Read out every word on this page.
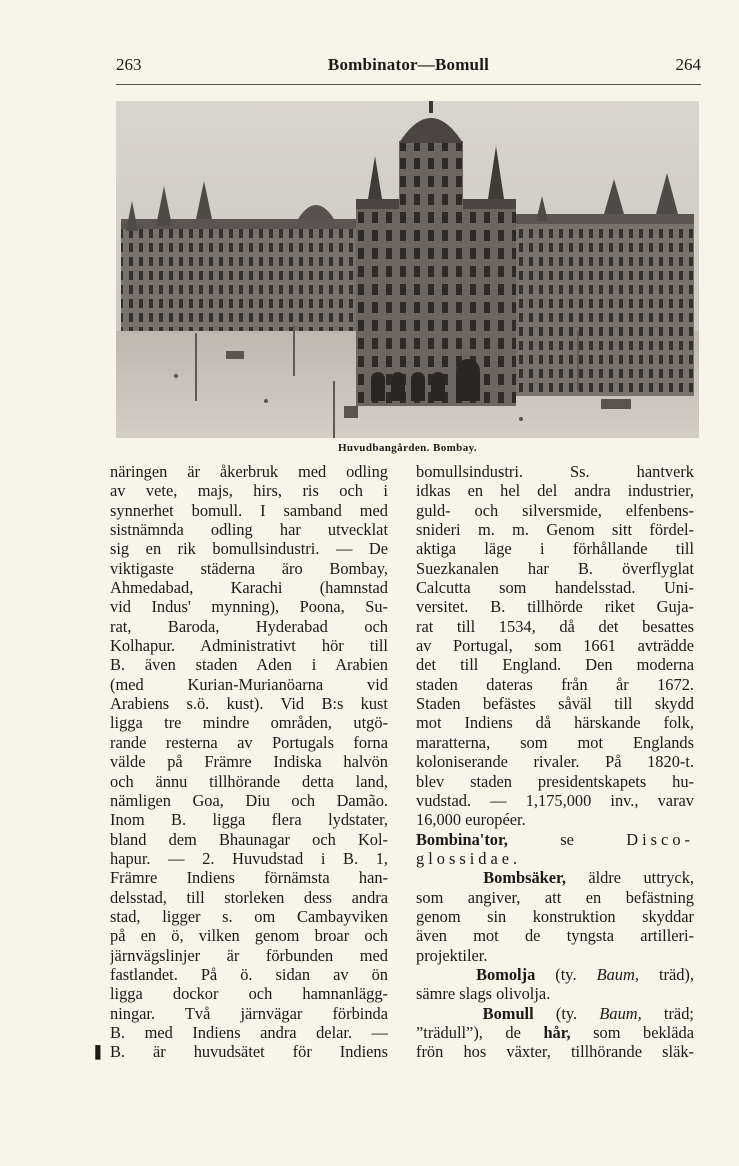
263	Bombinator—Bomull	264
Huvudbangården. Bombay.
näringen är åkerbruk med odling
av vete, majs, hirs, ris och i
synnerhet bomull. I samband med
sistnämnda odling har utvecklat
sig en rik bomullsindustri. — De
viktigaste städerna äro Bombay,
Ahmedabad, Karachi (hamnstad
vid Indus' mynning), Poona, Su-
rat, Baroda, Hyderabad och
Kolhapur. Administrativt hör till
B. även staden Aden i Arabien
(med Kurian-Murianöarna vid
Arabiens s.ö. kust). Vid B:s kust
ligga tre mindre områden, utgö-
rande resterna av Portugals forna
välde på Främre Indiska halvön
och ännu tillhörande detta land,
nämligen Goa, Diu och Damão.
Inom B. ligga flera lydstater,
bland dem Bhaunagar och Kol-
hapur. — 2. Huvudstad i B. 1,
Främre Indiens förnämsta han-
delsstad, till storleken dess andra
stad, ligger s. om Cambayviken
på en ö, vilken genom broar och
järnvägslinjer är förbunden med
fastlandet. På ö. sidan av ön
ligga dockor och hamnanlägg-
ningar. Två järnvägar förbinda
B. med Indiens andra delar. —
B. är huvudsätet för Indiens
bomullsindustri. Ss. hantverk
idkas en hel del andra industrier,
guld- och silversmide, elfenbens-
sniderі m. m. Genom sitt fördel-
aktiga läge i förhållande till
Suezkanalen har B. överflyglat
Calcutta som handelsstad. Uni-
versitet. B. tillhörde riket Guja-
rat till 1534, då det besattes
av Portugal, som 1661 avträdde
det till England. Den moderna
staden dateras från år 1672.
Staden befästes såväl till skydd
mot Indiens då härskande folk,
maratterna, som mot Englands
koloniserande rivaler. På 1820-t.
blev staden presidentskapets hu-
vudstad. — 1,175,000 inv., varav
16,000 européer.
Bombina'tor,	se	Disco-
glossidae.
Bombsäker, äldre uttryck,
som angiver, att en befästning
genom sin konstruktion skyddar
även mot de tyngsta artilleri-
projektiler.
Bomolja (ty. Baum, träd),
sämre slags olivolja.
Bomull (ty. Baum, träd;
”trädull”), de hår, som bekläda
frön hos växter, tillhörande släk-
❚
